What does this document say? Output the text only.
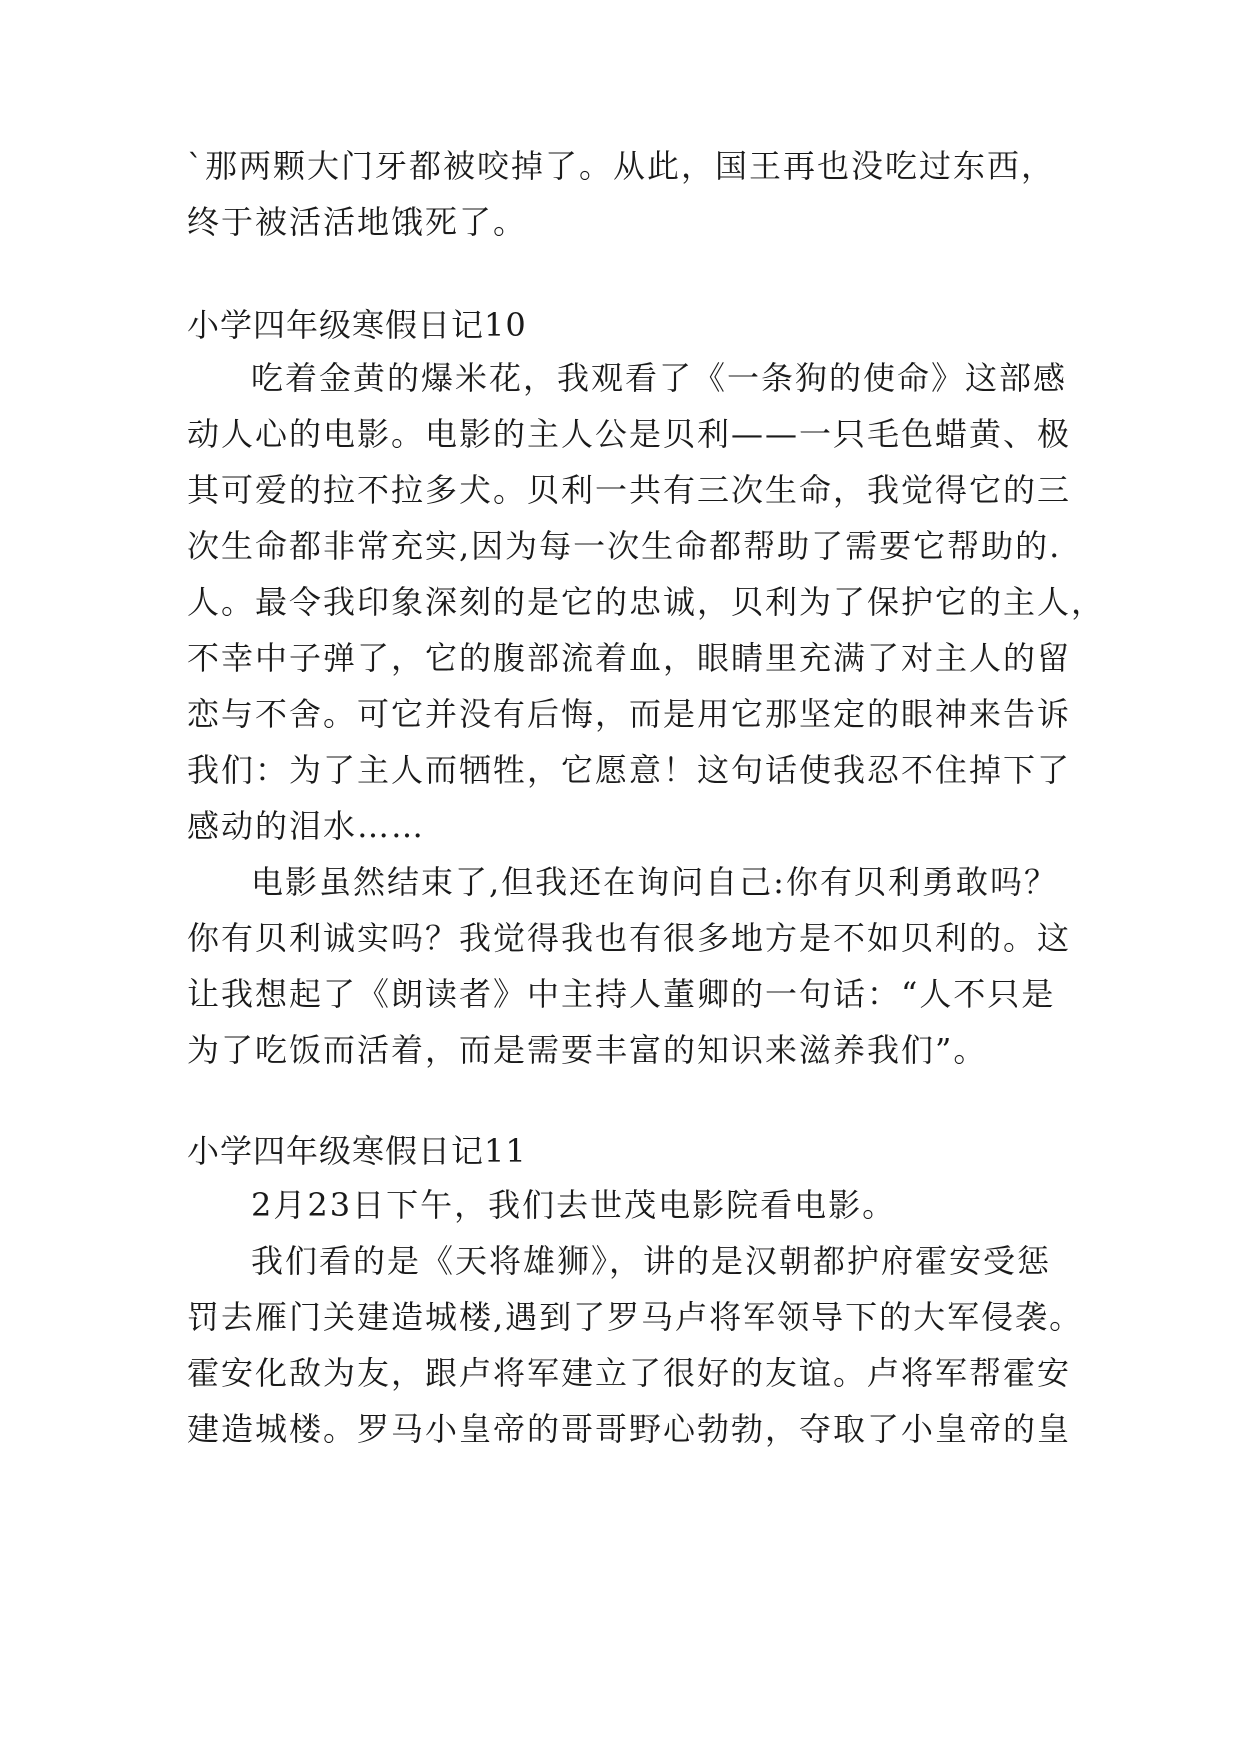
`那两颗大门牙都被咬掉了。从此，国王再也没吃过东西，
终于被活活地饿死了。
小学四年级寒假日记10
吃着金黄的爆米花，我观看了《一条狗的使命》这部感
动人心的电影。电影的主人公是贝利——一只毛色蜡黄、极
其可爱的拉不拉多犬。贝利一共有三次生命，我觉得它的三
次生命都非常充实,因为每一次生命都帮助了需要它帮助的.
人。最令我印象深刻的是它的忠诚，贝利为了保护它的主人，
不幸中子弹了，它的腹部流着血，眼睛里充满了对主人的留
恋与不舍。可它并没有后悔，而是用它那坚定的眼神来告诉
我们：为了主人而牺牲，它愿意！这句话使我忍不住掉下了
感动的泪水……
电影虽然结束了,但我还在询问自己:你有贝利勇敢吗？
你有贝利诚实吗？我觉得我也有很多地方是不如贝利的。这
让我想起了《朗读者》中主持人董卿的一句话：“人不只是
为了吃饭而活着，而是需要丰富的知识来滋养我们”。
小学四年级寒假日记11
2月23日下午，我们去世茂电影院看电影。
我们看的是《天将雄狮》，讲的是汉朝都护府霍安受惩
罚去雁门关建造城楼,遇到了罗马卢将军领导下的大军侵袭。
霍安化敌为友，跟卢将军建立了很好的友谊。卢将军帮霍安
建造城楼。罗马小皇帝的哥哥野心勃勃，夺取了小皇帝的皇
